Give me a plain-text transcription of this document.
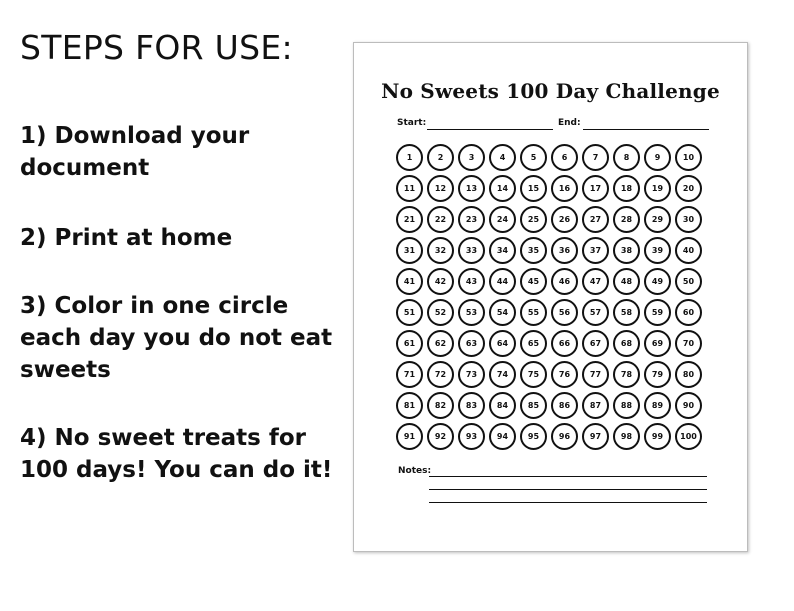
STEPS FOR USE:

1) Download your document

2) Print at home

3) Color in one circle each day you do not eat sweets

4) No sweet treats for 100 days! You can do it!

No Sweets 100 Day Challenge
Start:	End:
1	2	3	4	5	6	7	8	9	10
11	12	13	14	15	16	17	18	19	20
21	22	23	24	25	26	27	28	29	30
31	32	33	34	35	36	37	38	39	40
41	42	43	44	45	46	47	48	49	50
51	52	53	54	55	56	57	58	59	60
61	62	63	64	65	66	67	68	69	70
71	72	73	74	75	76	77	78	79	80
81	82	83	84	85	86	87	88	89	90
91	92	93	94	95	96	97	98	99	100
Notes:
